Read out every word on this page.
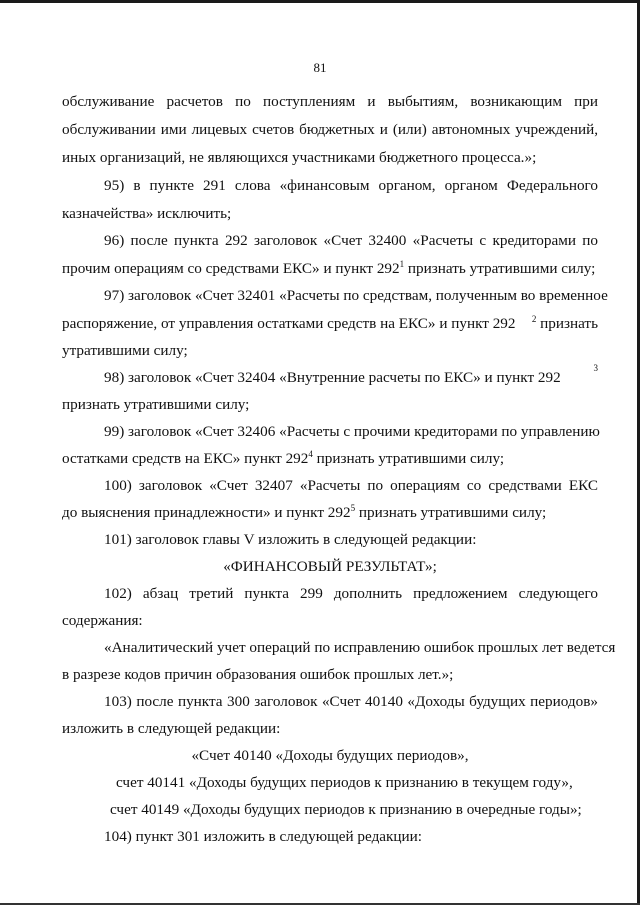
81
обслуживание расчетов по поступлениям и выбытиям, возникающим при
обслуживании ими лицевых счетов бюджетных и (или) автономных учреждений,
иных организаций, не являющихся участниками бюджетного процесса.»;
95) в пункте 291 слова «финансовым органом, органом Федерального
казначейства» исключить;
96) после пункта 292 заголовок «Счет 32400 «Расчеты с кредиторами по
прочим операциям со средствами ЕКС» и пункт $292^1$ признать утратившими силу;
97) заголовок «Счет 32401 «Расчеты по средствам, полученным во временное
распоряжение, от управления остатками средств на ЕКС» и пункт 292 $^2$ признать
утратившими силу;
98) заголовок «Счет 32404 «Внутренние расчеты по ЕКС» и пункт 292
3
признать утратившими силу;
99) заголовок «Счет 32406 «Расчеты с прочими кредиторами по управлению
остатками средств на ЕКС» пункт $292^4$ признать утратившими силу;
100) заголовок «Счет 32407 «Расчеты по операциям со средствами ЕКС
до выяснения принадлежности» и пункт $292^5$ признать утратившими силу;
101) заголовок главы V изложить в следующей редакции:
«ФИНАНСОВЫЙ РЕЗУЛЬТАТ»;
102) абзац третий пункта 299 дополнить предложением следующего
содержания:
«Аналитический учет операций по исправлению ошибок прошлых лет ведется
в разрезе кодов причин образования ошибок прошлых лет.»;
103) после пункта 300 заголовок «Счет 40140 «Доходы будущих периодов»
изложить в следующей редакции:
«Счет 40140 «Доходы будущих периодов»,
счет 40141 «Доходы будущих периодов к признанию в текущем году»,
счет 40149 «Доходы будущих периодов к признанию в очередные годы»;
104) пункт 301 изложить в следующей редакции:
